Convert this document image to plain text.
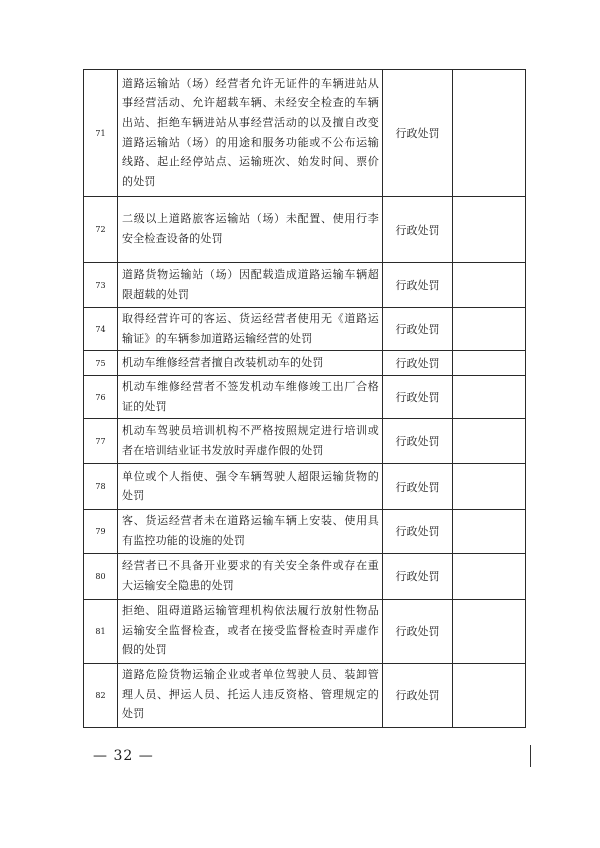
71	道路运输站（场）经营者允许无证件的车辆进站从事经营活动、允许超载车辆、未经安全检查的车辆出站、拒绝车辆进站从事经营活动的以及擅自改变道路运输站（场）的用途和服务功能或不公布运输线路、起止经停站点、运输班次、始发时间、票价的处罚	行政处罚	
72	二级以上道路旅客运输站（场）未配置、使用行李安全检查设备的处罚	行政处罚	
73	道路货物运输站（场）因配载造成道路运输车辆超限超载的处罚	行政处罚	
74	取得经营许可的客运、货运经营者使用无《道路运输证》的车辆参加道路运输经营的处罚	行政处罚	
75	机动车维修经营者擅自改装机动车的处罚	行政处罚	
76	机动车维修经营者不签发机动车维修竣工出厂合格证的处罚	行政处罚	
77	机动车驾驶员培训机构不严格按照规定进行培训或者在培训结业证书发放时弄虚作假的处罚	行政处罚	
78	单位或个人指使、强令车辆驾驶人超限运输货物的处罚	行政处罚	
79	客、货运经营者未在道路运输车辆上安装、使用具有监控功能的设施的处罚	行政处罚	
80	经营者已不具备开业要求的有关安全条件或存在重大运输安全隐患的处罚	行政处罚	
81	拒绝、阻碍道路运输管理机构依法履行放射性物品运输安全监督检查，或者在接受监督检查时弄虚作假的处罚	行政处罚	
82	道路危险货物运输企业或者单位驾驶人员、装卸管理人员、押运人员、托运人违反资格、管理规定的处罚	行政处罚	
— 32 —
